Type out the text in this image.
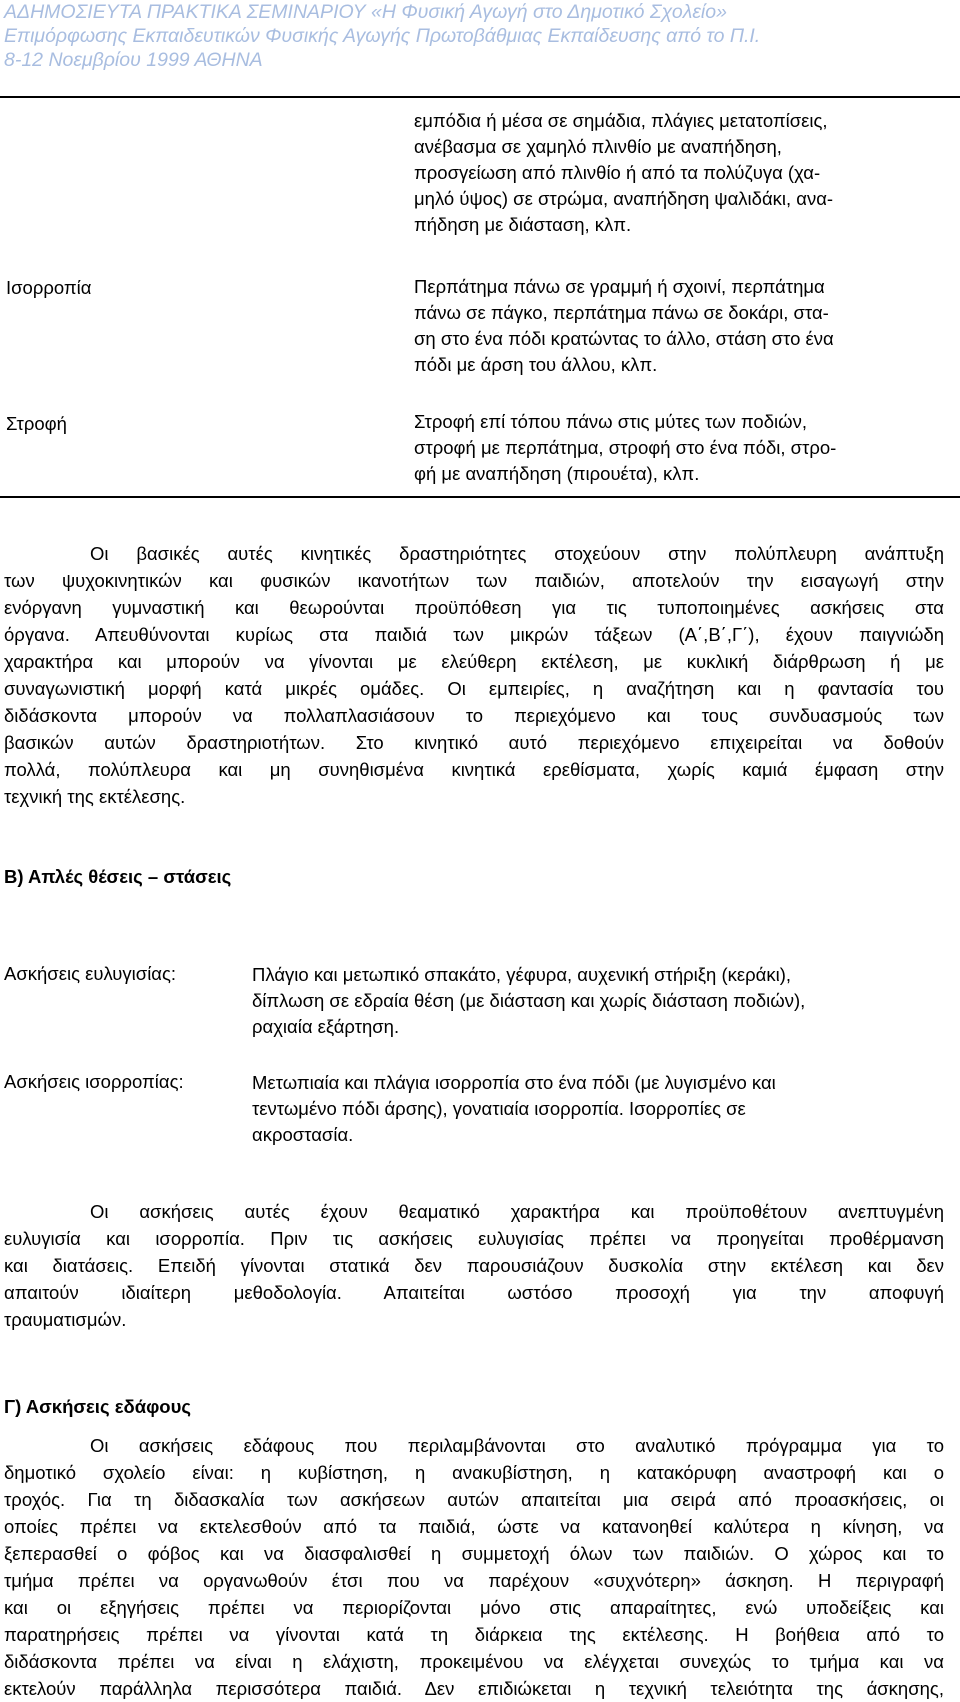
ΑΔΗΜΟΣΙΕΥΤΑ ΠΡΑΚΤΙΚΑ ΣΕΜΙΝΑΡΙΟΥ «Η Φυσική Αγωγή στο Δημοτικό Σχολείο»
Επιμόρφωσης Εκπαιδευτικών Φυσικής Αγωγής Πρωτοβάθμιας Εκπαίδευσης από το Π.Ι.
8-12 Νοεμβρίου 1999 ΑΘΗΝΑ
εμπόδια ή μέσα σε σημάδια, πλάγιες μετατοπίσεις,
ανέβασμα σε χαμηλό πλινθίο με αναπήδηση,
προσγείωση από πλινθίο ή από τα πολύζυγα (χα-
μηλό ύψος) σε στρώμα, αναπήδηση ψαλιδάκι, ανα-
πήδηση με διάσταση, κλπ.
Ισορροπία	Περπάτημα πάνω σε γραμμή ή σχοινί, περπάτημα
πάνω σε πάγκο, περπάτημα πάνω σε δοκάρι, στα-
ση στο ένα πόδι κρατώντας το άλλο, στάση στο ένα
πόδι με άρση του άλλου, κλπ.
Στροφή	Στροφή επί τόπου πάνω στις μύτες των ποδιών,
στροφή με περπάτημα, στροφή στο ένα πόδι, στρο-
φή με αναπήδηση (πιρουέτα), κλπ.
Οι βασικές αυτές κινητικές δραστηριότητες στοχεύουν στην πολύπλευρη ανάπτυξη
των ψυχοκινητικών και φυσικών ικανοτήτων των παιδιών, αποτελούν την εισαγωγή στην
ενόργανη γυμναστική και θεωρούνται προϋπόθεση για τις τυποποιημένες ασκήσεις στα
όργανα. Απευθύνονται κυρίως στα παιδιά των μικρών τάξεων (Α΄,Β΄,Γ΄), έχουν παιγνιώδη
χαρακτήρα και μπορούν να γίνονται με ελεύθερη εκτέλεση, με κυκλική διάρθρωση ή με
συναγωνιστική μορφή κατά μικρές ομάδες. Οι εμπειρίες, η αναζήτηση και η φαντασία του
διδάσκοντα μπορούν να πολλαπλασιάσουν το περιεχόμενο και τους συνδυασμούς των
βασικών αυτών δραστηριοτήτων. Στο κινητικό αυτό περιεχόμενο επιχειρείται να δοθούν
πολλά, πολύπλευρα και μη συνηθισμένα κινητικά ερεθίσματα, χωρίς καμιά έμφαση στην
τεχνική της εκτέλεσης.
Β) Απλές θέσεις – στάσεις
Ασκήσεις ευλυγισίας:	Πλάγιο και μετωπικό σπακάτο, γέφυρα, αυχενική στήριξη (κεράκι),
δίπλωση σε εδραία θέση (με διάσταση και χωρίς διάσταση ποδιών),
ραχιαία εξάρτηση.
Ασκήσεις ισορροπίας:	Μετωπιαία και πλάγια ισορροπία στο ένα πόδι (με λυγισμένο και
τεντωμένο πόδι άρσης), γονατιαία ισορροπία. Ισορροπίες σε
ακροστασία.
Οι ασκήσεις αυτές έχουν θεαματικό χαρακτήρα και προϋποθέτουν ανεπτυγμένη
ευλυγισία και ισορροπία. Πριν τις ασκήσεις ευλυγισίας πρέπει να προηγείται προθέρμανση
και διατάσεις. Επειδή γίνονται στατικά δεν παρουσιάζουν δυσκολία στην εκτέλεση και δεν
απαιτούν ιδιαίτερη μεθοδολογία. Απαιτείται ωστόσο προσοχή για την αποφυγή
τραυματισμών.
Γ) Ασκήσεις εδάφους
Οι ασκήσεις εδάφους που περιλαμβάνονται στο αναλυτικό πρόγραμμα για το
δημοτικό σχολείο είναι: η κυβίστηση, η ανακυβίστηση, η κατακόρυφη αναστροφή και ο
τροχός. Για τη διδασκαλία των ασκήσεων αυτών απαιτείται μια σειρά από προασκήσεις, οι
οποίες πρέπει να εκτελεσθούν από τα παιδιά, ώστε να κατανοηθεί καλύτερα η κίνηση, να
ξεπερασθεί ο φόβος και να διασφαλισθεί η συμμετοχή όλων των παιδιών. Ο χώρος και το
τμήμα πρέπει να οργανωθούν έτσι που να παρέχουν «συχνότερη» άσκηση. Η περιγραφή
και οι εξηγήσεις πρέπει να περιορίζονται μόνο στις απαραίτητες, ενώ υποδείξεις και
παρατηρήσεις πρέπει να γίνονται κατά τη διάρκεια της εκτέλεσης. Η βοήθεια από το
διδάσκοντα πρέπει να είναι η ελάχιστη, προκειμένου να ελέγχεται συνεχώς το τμήμα και να
εκτελούν παράλληλα περισσότερα παιδιά. Δεν επιδιώκεται η τεχνική τελειότητα της άσκησης,
